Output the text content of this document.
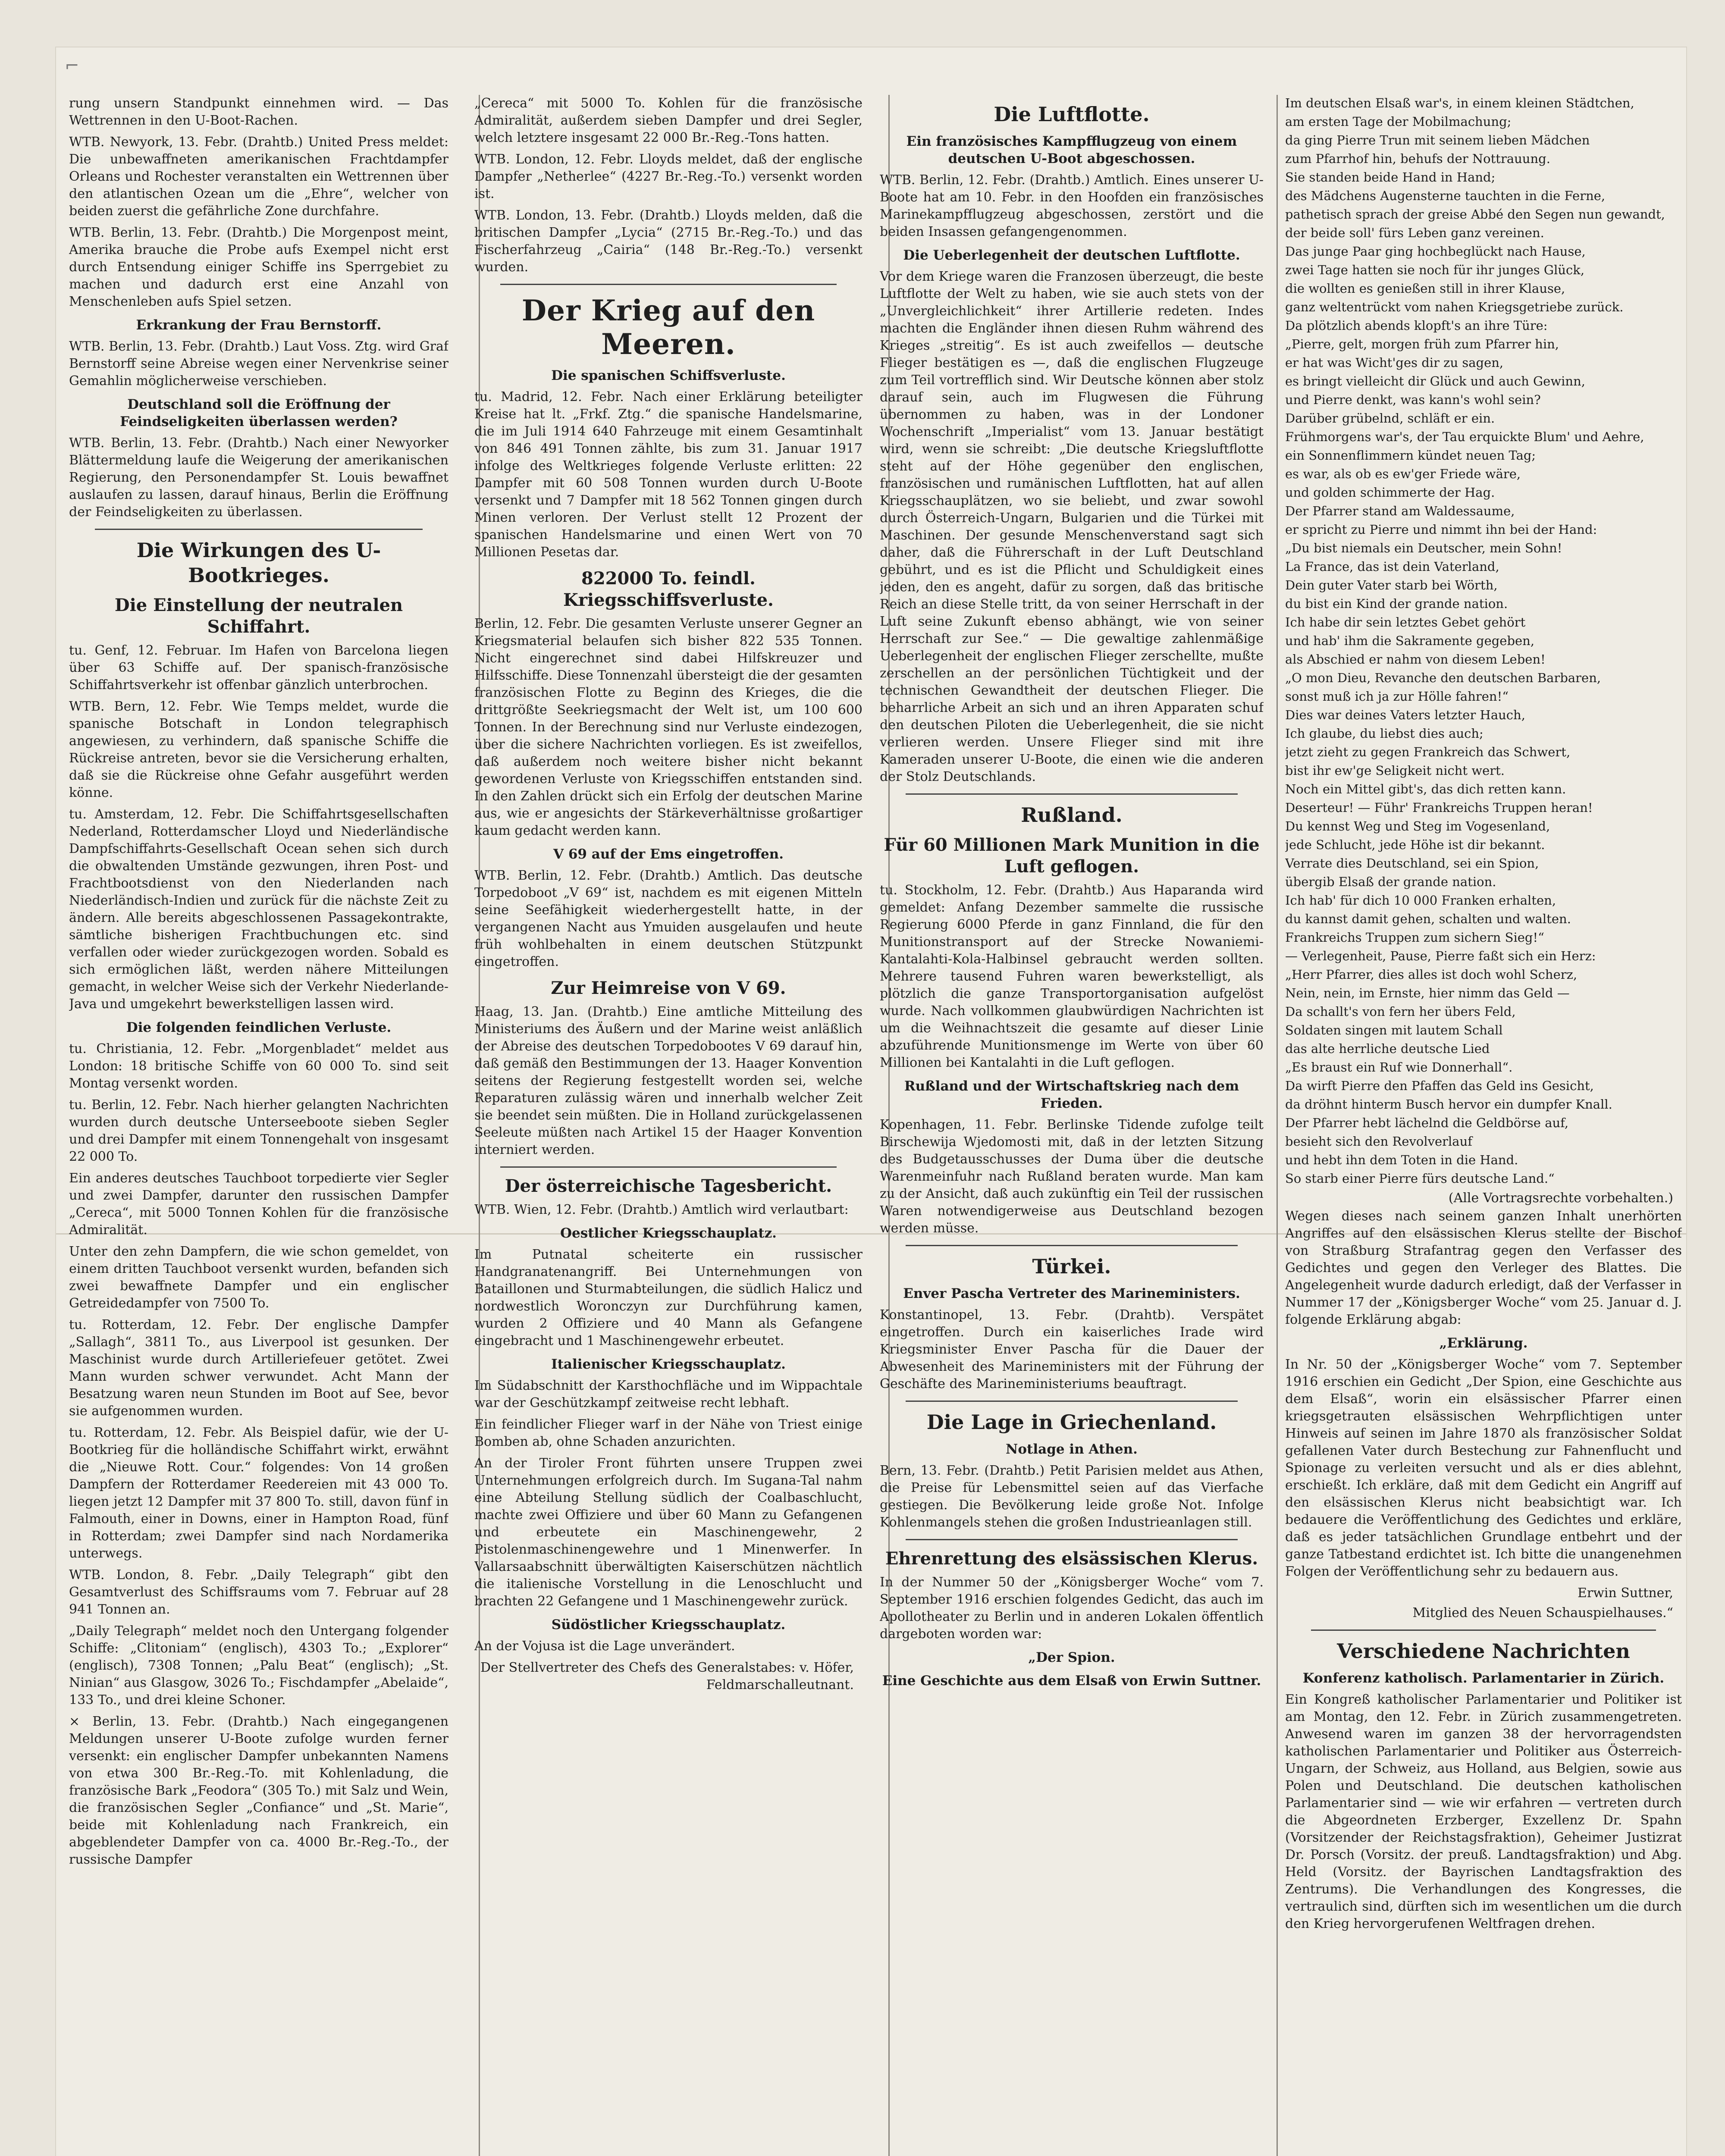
⌐

rung unsern Standpunkt einnehmen wird. — Das Wettrennen in den U-Boot-Rachen.

WTB. Newyork, 13. Febr. (Drahtb.) United Press meldet: Die unbewaffneten amerikanischen Frachtdampfer Orleans und Rochester veranstalten ein Wettrennen über den atlantischen Ozean um die „Ehre“, welcher von beiden zuerst die gefährliche Zone durchfahre.

WTB. Berlin, 13. Febr. (Drahtb.) Die Morgenpost meint, Amerika brauche die Probe aufs Exempel nicht erst durch Entsendung einiger Schiffe ins Sperrgebiet zu machen und dadurch erst eine Anzahl von Menschenleben aufs Spiel setzen.

Erkrankung der Frau Bernstorff.

WTB. Berlin, 13. Febr. (Drahtb.) Laut Voss. Ztg. wird Graf Bernstorff seine Abreise wegen einer Nervenkrise seiner Gemahlin möglicherweise verschieben.

Deutschland soll die Eröffnung der Feindseligkeiten überlassen werden?

WTB. Berlin, 13. Febr. (Drahtb.) Nach einer Newyorker Blättermeldung laufe die Weigerung der amerikanischen Regierung, den Personendampfer St. Louis bewaffnet auslaufen zu lassen, darauf hinaus, Berlin die Eröffnung der Feindseligkeiten zu überlassen.

Die Wirkungen des U-Bootkrieges.

Die Einstellung der neutralen Schiffahrt.

tu. Genf, 12. Februar. Im Hafen von Barcelona liegen über 63 Schiffe auf. Der spanisch-französische Schiffahrtsverkehr ist offenbar gänzlich unterbrochen.

WTB. Bern, 12. Febr. Wie Temps meldet, wurde die spanische Botschaft in London telegraphisch angewiesen, zu verhindern, daß spanische Schiffe die Rückreise antreten, bevor sie die Versicherung erhalten, daß sie die Rückreise ohne Gefahr ausgeführt werden könne.

tu. Amsterdam, 12. Febr. Die Schiffahrtsgesellschaften Nederland, Rotterdamscher Lloyd und Niederländische Dampfschiffahrts-Gesellschaft Ocean sehen sich durch die obwaltenden Umstände gezwungen, ihren Post- und Frachtbootsdienst von den Niederlanden nach Niederländisch-Indien und zurück für die nächste Zeit zu ändern. Alle bereits abgeschlossenen Passagekontrakte, sämtliche bisherigen Frachtbuchungen etc. sind verfallen oder wieder zurückgezogen worden. Sobald es sich ermöglichen läßt, werden nähere Mitteilungen gemacht, in welcher Weise sich der Verkehr Niederlande-Java und umgekehrt bewerkstelligen lassen wird.

Die folgenden feindlichen Verluste.

tu. Christiania, 12. Febr. „Morgenbladet“ meldet aus London: 18 britische Schiffe von 60 000 To. sind seit Montag versenkt worden.

tu. Berlin, 12. Febr. Nach hierher gelangten Nachrichten wurden durch deutsche Unterseeboote sieben Segler und drei Dampfer mit einem Tonnengehalt von insgesamt 22 000 To.

Ein anderes deutsches Tauchboot torpedierte vier Segler und zwei Dampfer, darunter den russischen Dampfer „Cereca“, mit 5000 Tonnen Kohlen für die französische Admiralität.

Unter den zehn Dampfern, die wie schon gemeldet, von einem dritten Tauchboot versenkt wurden, befanden sich zwei bewaffnete Dampfer und ein englischer Getreidedampfer von 7500 To.

tu. Rotterdam, 12. Febr. Der englische Dampfer „Sallagh“, 3811 To., aus Liverpool ist gesunken. Der Maschinist wurde durch Artilleriefeuer getötet. Zwei Mann wurden schwer verwundet. Acht Mann der Besatzung waren neun Stunden im Boot auf See, bevor sie aufgenommen wurden.

tu. Rotterdam, 12. Febr. Als Beispiel dafür, wie der U-Bootkrieg für die holländische Schiffahrt wirkt, erwähnt die „Nieuwe Rott. Cour.“ folgendes: Von 14 großen Dampfern der Rotterdamer Reedereien mit 43 000 To. liegen jetzt 12 Dampfer mit 37 800 To. still, davon fünf in Falmouth, einer in Downs, einer in Hampton Road, fünf in Rotterdam; zwei Dampfer sind nach Nordamerika unterwegs.

WTB. London, 8. Febr. „Daily Telegraph“ gibt den Gesamtverlust des Schiffsraums vom 7. Februar auf 28 941 Tonnen an.

„Daily Telegraph“ meldet noch den Untergang folgender Schiffe: „Clitoniam“ (englisch), 4303 To.; „Explorer“ (englisch), 7308 Tonnen; „Palu Beat“ (englisch); „St. Ninian“ aus Glasgow, 3026 To.; Fischdampfer „Abelaide“, 133 To., und drei kleine Schoner.

× Berlin, 13. Febr. (Drahtb.) Nach eingegangenen Meldungen unserer U-Boote zufolge wurden ferner versenkt: ein englischer Dampfer unbekannten Namens von etwa 300 Br.-Reg.-To. mit Kohlenladung, die französische Bark „Feodora“ (305 To.) mit Salz und Wein, die französischen Segler „Confiance“ und „St. Marie“, beide mit Kohlenladung nach Frankreich, ein abgeblendeter Dampfer von ca. 4000 Br.-Reg.-To., der russische Dampfer

„Cereca“ mit 5000 To. Kohlen für die französische Admiralität, außerdem sieben Dampfer und drei Segler, welch letztere insgesamt 22 000 Br.-Reg.-Tons hatten.

WTB. London, 12. Febr. Lloyds meldet, daß der englische Dampfer „Netherlee“ (4227 Br.-Reg.-To.) versenkt worden ist.

WTB. London, 13. Febr. (Drahtb.) Lloyds melden, daß die britischen Dampfer „Lycia“ (2715 Br.-Reg.-To.) und das Fischerfahrzeug „Cairia“ (148 Br.-Reg.-To.) versenkt wurden.

Der Krieg auf den Meeren.

Die spanischen Schiffsverluste.

tu. Madrid, 12. Febr. Nach einer Erklärung beteiligter Kreise hat lt. „Frkf. Ztg.“ die spanische Handelsmarine, die im Juli 1914 640 Fahrzeuge mit einem Gesamtinhalt von 846 491 Tonnen zählte, bis zum 31. Januar 1917 infolge des Weltkrieges folgende Verluste erlitten: 22 Dampfer mit 60 508 Tonnen wurden durch U-Boote versenkt und 7 Dampfer mit 18 562 Tonnen gingen durch Minen verloren. Der Verlust stellt 12 Prozent der spanischen Handelsmarine und einen Wert von 70 Millionen Pesetas dar.

822000 To. feindl. Kriegsschiffsverluste.

Berlin, 12. Febr. Die gesamten Verluste unserer Gegner an Kriegsmaterial belaufen sich bisher 822 535 Tonnen. Nicht eingerechnet sind dabei Hilfskreuzer und Hilfsschiffe. Diese Tonnenzahl übersteigt die der gesamten französischen Flotte zu Beginn des Krieges, die die drittgrößte Seekriegsmacht der Welt ist, um 100 600 Tonnen. In der Berechnung sind nur Verluste eindezogen, über die sichere Nachrichten vorliegen. Es ist zweifellos, daß außerdem noch weitere bisher nicht bekannt gewordenen Verluste von Kriegsschiffen entstanden sind. In den Zahlen drückt sich ein Erfolg der deutschen Marine aus, wie er angesichts der Stärkeverhältnisse großartiger kaum gedacht werden kann.

V 69 auf der Ems eingetroffen.

WTB. Berlin, 12. Febr. (Drahtb.) Amtlich. Das deutsche Torpedoboot „V 69“ ist, nachdem es mit eigenen Mitteln seine Seefähigkeit wiederhergestellt hatte, in der vergangenen Nacht aus Ymuiden ausgelaufen und heute früh wohlbehalten in einem deutschen Stützpunkt eingetroffen.

Zur Heimreise von V 69.

Haag, 13. Jan. (Drahtb.) Eine amtliche Mitteilung des Ministeriums des Äußern und der Marine weist anläßlich der Abreise des deutschen Torpedobootes V 69 darauf hin, daß gemäß den Bestimmungen der 13. Haager Konvention seitens der Regierung festgestellt worden sei, welche Reparaturen zulässig wären und innerhalb welcher Zeit sie beendet sein müßten. Die in Holland zurückgelassenen Seeleute müßten nach Artikel 15 der Haager Konvention interniert werden.

Der österreichische Tagesbericht.

WTB. Wien, 12. Febr. (Drahtb.) Amtlich wird verlautbart:

Oestlicher Kriegsschauplatz.

Im Putnatal scheiterte ein russischer Handgranatenangriff. Bei Unternehmungen von Bataillonen und Sturmabteilungen, die südlich Halicz und nordwestlich Woronczyn zur Durchführung kamen, wurden 2 Offiziere und 40 Mann als Gefangene eingebracht und 1 Maschinengewehr erbeutet.

Italienischer Kriegsschauplatz.

Im Südabschnitt der Karsthochfläche und im Wippachtale war der Geschützkampf zeitweise recht lebhaft.

Ein feindlicher Flieger warf in der Nähe von Triest einige Bomben ab, ohne Schaden anzurichten.

An der Tiroler Front führten unsere Truppen zwei Unternehmungen erfolgreich durch. Im Sugana-Tal nahm eine Abteilung Stellung südlich der Coalbaschlucht, machte zwei Offiziere und über 60 Mann zu Gefangenen und erbeutete ein Maschinengewehr, 2 Pistolenmaschinengewehre und 1 Minenwerfer. In Vallarsaabschnitt überwältigten Kaiserschützen nächtlich die italienische Vorstellung in die Lenoschlucht und brachten 22 Gefangene und 1 Maschinengewehr zurück.

Südöstlicher Kriegsschauplatz.

An der Vojusa ist die Lage unverändert.

Der Stellvertreter des Chefs des Generalstabes: v. Höfer, Feldmarschalleutnant.

Die Luftflotte.

Ein französisches Kampfflugzeug von einem deutschen U-Boot abgeschossen.

WTB. Berlin, 12. Febr. (Drahtb.) Amtlich. Eines unserer U-Boote hat am 10. Febr. in den Hoofden ein französisches Marinekampfflugzeug abgeschossen, zerstört und die beiden Insassen gefangengenommen.

Die Ueberlegenheit der deutschen Luftflotte.

Vor dem Kriege waren die Franzosen überzeugt, die beste Luftflotte der Welt zu haben, wie sie auch stets von der „Unvergleichlichkeit“ ihrer Artillerie redeten. Indes machten die Engländer ihnen diesen Ruhm während des Krieges „streitig“. Es ist auch zweifellos — deutsche Flieger bestätigen es —, daß die englischen Flugzeuge zum Teil vortrefflich sind. Wir Deutsche können aber stolz darauf sein, auch im Flugwesen die Führung übernommen zu haben, was in der Londoner Wochenschrift „Imperialist“ vom 13. Januar bestätigt wird, wenn sie schreibt: „Die deutsche Kriegsluftflotte steht auf der Höhe gegenüber den englischen, französischen und rumänischen Luftflotten, hat auf allen Kriegsschauplätzen, wo sie beliebt, und zwar sowohl durch Österreich-Ungarn, Bulgarien und die Türkei mit Maschinen. Der gesunde Menschenverstand sagt sich daher, daß die Führerschaft in der Luft Deutschland gebührt, und es ist die Pflicht und Schuldigkeit eines jeden, den es angeht, dafür zu sorgen, daß das britische Reich an diese Stelle tritt, da von seiner Herrschaft in der Luft seine Zukunft ebenso abhängt, wie von seiner Herrschaft zur See.“ — Die gewaltige zahlenmäßige Ueberlegenheit der englischen Flieger zerschellte, mußte zerschellen an der persönlichen Tüchtigkeit und der technischen Gewandtheit der deutschen Flieger. Die beharrliche Arbeit an sich und an ihren Apparaten schuf den deutschen Piloten die Ueberlegenheit, die sie nicht verlieren werden. Unsere Flieger sind mit ihre Kameraden unserer U-Boote, die einen wie die anderen der Stolz Deutschlands.

Rußland.

Für 60 Millionen Mark Munition in die Luft geflogen.

tu. Stockholm, 12. Febr. (Drahtb.) Aus Haparanda wird gemeldet: Anfang Dezember sammelte die russische Regierung 6000 Pferde in ganz Finnland, die für den Munitionstransport auf der Strecke Nowaniemi-Kantalahti-Kola-Halbinsel gebraucht werden sollten. Mehrere tausend Fuhren waren bewerkstelligt, als plötzlich die ganze Transportorganisation aufgelöst wurde. Nach vollkommen glaubwürdigen Nachrichten ist um die Weihnachtszeit die gesamte auf dieser Linie abzuführende Munitionsmenge im Werte von über 60 Millionen bei Kantalahti in die Luft geflogen.

Rußland und der Wirtschaftskrieg nach dem Frieden.

Kopenhagen, 11. Febr. Berlinske Tidende zufolge teilt Birschewija Wjedomosti mit, daß in der letzten Sitzung des Budgetausschusses der Duma über die deutsche Warenmeinfuhr nach Rußland beraten wurde. Man kam zu der Ansicht, daß auch zukünftig ein Teil der russischen Waren notwendigerweise aus Deutschland bezogen werden müsse.

Türkei.

Enver Pascha Vertreter des Marineministers.

Konstantinopel, 13. Febr. (Drahtb). Verspätet eingetroffen. Durch ein kaiserliches Irade wird Kriegsminister Enver Pascha für die Dauer der Abwesenheit des Marineministers mit der Führung der Geschäfte des Marineministeriums beauftragt.

Die Lage in Griechenland.

Notlage in Athen.

Bern, 13. Febr. (Drahtb.) Petit Parisien meldet aus Athen, die Preise für Lebensmittel seien auf das Vierfache gestiegen. Die Bevölkerung leide große Not. Infolge Kohlenmangels stehen die großen Industrieanlagen still.

Ehrenrettung des elsässischen Klerus.

In der Nummer 50 der „Königsberger Woche“ vom 7. September 1916 erschien folgendes Gedicht, das auch im Apollotheater zu Berlin und in anderen Lokalen öffentlich dargeboten worden war:

„Der Spion.

Eine Geschichte aus dem Elsaß von Erwin Suttner.

Im deutschen Elsaß war's, in einem kleinen Städtchen,

am ersten Tage der Mobilmachung;

da ging Pierre Trun mit seinem lieben Mädchen

zum Pfarrhof hin, behufs der Nottrauung.

Sie standen beide Hand in Hand;

des Mädchens Augensterne tauchten in die Ferne,

pathetisch sprach der greise Abbé den Segen nun gewandt,

der beide soll' fürs Leben ganz vereinen.

Das junge Paar ging hochbeglückt nach Hause,

zwei Tage hatten sie noch für ihr junges Glück,

die wollten es genießen still in ihrer Klause,

ganz weltentrückt vom nahen Kriegsgetriebe zurück.

Da plötzlich abends klopft's an ihre Türe:

„Pierre, gelt, morgen früh zum Pfarrer hin,

er hat was Wicht'ges dir zu sagen,

es bringt vielleicht dir Glück und auch Gewinn,

und Pierre denkt, was kann's wohl sein?

Darüber grübelnd, schläft er ein.

Frühmorgens war's, der Tau erquickte Blum' und Aehre,

ein Sonnenflimmern kündet neuen Tag;

es war, als ob es ew'ger Friede wäre,

und golden schimmerte der Hag.

Der Pfarrer stand am Waldessaume,

er spricht zu Pierre und nimmt ihn bei der Hand:

„Du bist niemals ein Deutscher, mein Sohn!

La France, das ist dein Vaterland,

Dein guter Vater starb bei Wörth,

du bist ein Kind der grande nation.

Ich habe dir sein letztes Gebet gehört

und hab' ihm die Sakramente gegeben,

als Abschied er nahm von diesem Leben!

„O mon Dieu, Revanche den deutschen Barbaren,

sonst muß ich ja zur Hölle fahren!“

Dies war deines Vaters letzter Hauch,

Ich glaube, du liebst dies auch;

jetzt zieht zu gegen Frankreich das Schwert,

bist ihr ew'ge Seligkeit nicht wert.

Noch ein Mittel gibt's, das dich retten kann.

Deserteur! — Führ' Frankreichs Truppen heran!

Du kennst Weg und Steg im Vogesenland,

jede Schlucht, jede Höhe ist dir bekannt.

Verrate dies Deutschland, sei ein Spion,

übergib Elsaß der grande nation.

Ich hab' für dich 10 000 Franken erhalten,

du kannst damit gehen, schalten und walten.

Frankreichs Truppen zum sichern Sieg!“

— Verlegenheit, Pause, Pierre faßt sich ein Herz:

„Herr Pfarrer, dies alles ist doch wohl Scherz,

Nein, nein, im Ernste, hier nimm das Geld —

Da schallt's von fern her übers Feld,

Soldaten singen mit lautem Schall

das alte herrliche deutsche Lied

„Es braust ein Ruf wie Donnerhall“.

Da wirft Pierre den Pfaffen das Geld ins Gesicht,

da dröhnt hinterm Busch hervor ein dumpfer Knall.

Der Pfarrer hebt lächelnd die Geldbörse auf,

besieht sich den Revolverlauf

und hebt ihn dem Toten in die Hand.

So starb einer Pierre fürs deutsche Land.“

(Alle Vortragsrechte vorbehalten.)

Wegen dieses nach seinem ganzen Inhalt unerhörten Angriffes auf den elsässischen Klerus stellte der Bischof von Straßburg Strafantrag gegen den Verfasser des Gedichtes und gegen den Verleger des Blattes. Die Angelegenheit wurde dadurch erledigt, daß der Verfasser in Nummer 17 der „Königsberger Woche“ vom 25. Januar d. J. folgende Erklärung abgab:

„Erklärung.

In Nr. 50 der „Königsberger Woche“ vom 7. September 1916 erschien ein Gedicht „Der Spion, eine Geschichte aus dem Elsaß“, worin ein elsässischer Pfarrer einen kriegsgetrauten elsässischen Wehrpflichtigen unter Hinweis auf seinen im Jahre 1870 als französischer Soldat gefallenen Vater durch Bestechung zur Fahnenflucht und Spionage zu verleiten versucht und als er dies ablehnt, erschießt. Ich erkläre, daß mit dem Gedicht ein Angriff auf den elsässischen Klerus nicht beabsichtigt war. Ich bedauere die Veröffentlichung des Gedichtes und erkläre, daß es jeder tatsächlichen Grundlage entbehrt und der ganze Tatbestand erdichtet ist. Ich bitte die unangenehmen Folgen der Veröffentlichung sehr zu bedauern aus.

Erwin Suttner,

Mitglied des Neuen Schauspielhauses.“

Verschiedene Nachrichten

Konferenz katholisch. Parlamentarier in Zürich.

Ein Kongreß katholischer Parlamentarier und Politiker ist am Montag, den 12. Febr. in Zürich zusammengetreten. Anwesend waren im ganzen 38 der hervorragendsten katholischen Parlamentarier und Politiker aus Österreich-Ungarn, der Schweiz, aus Holland, aus Belgien, sowie aus Polen und Deutschland. Die deutschen katholischen Parlamentarier sind — wie wir erfahren — vertreten durch die Abgeordneten Erzberger, Exzellenz Dr. Spahn (Vorsitzender der Reichstagsfraktion), Geheimer Justizrat Dr. Porsch (Vorsitz. der preuß. Landtagsfraktion) und Abg. Held (Vorsitz. der Bayrischen Landtagsfraktion des Zentrums). Die Verhandlungen des Kongresses, die vertraulich sind, dürften sich im wesentlichen um die durch den Krieg hervorgerufenen Weltfragen drehen.
